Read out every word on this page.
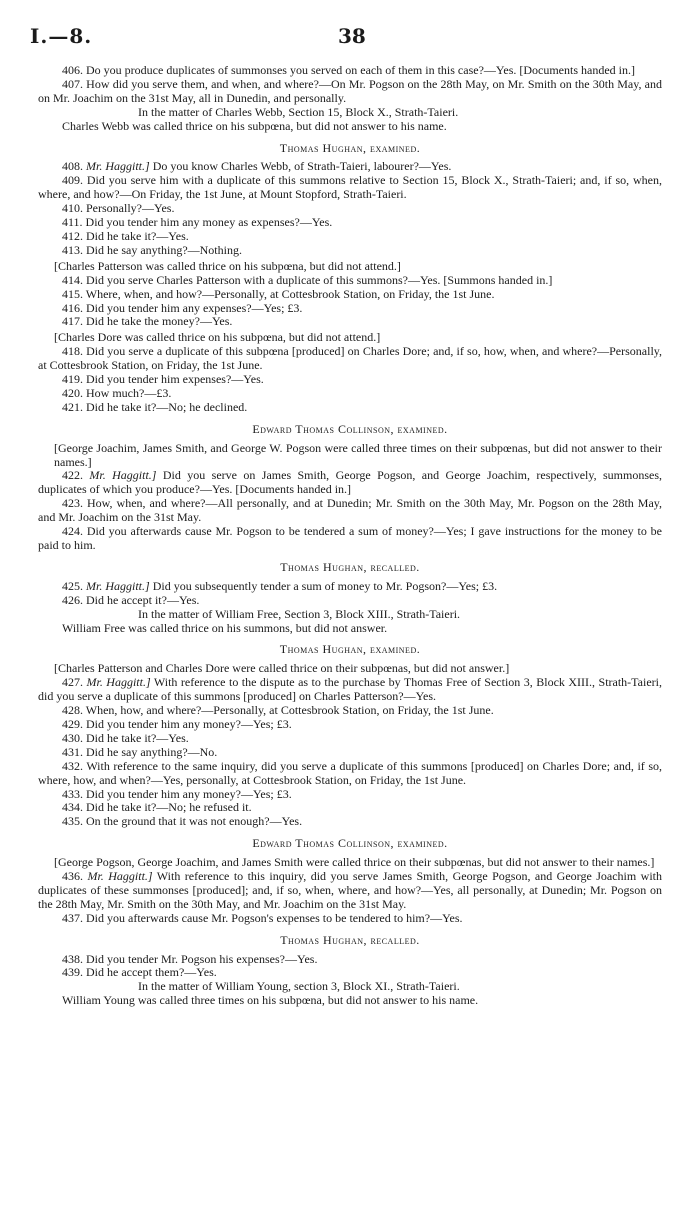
I.—8.	38

406. Do you produce duplicates of summonses you served on each of them in this case?—Yes. [Documents handed in.]

407. How did you serve them, and when, and where?—On Mr. Pogson on the 28th May, on Mr. Smith on the 30th May, and on Mr. Joachim on the 31st May, all in Dunedin, and personally.

In the matter of Charles Webb, Section 15, Block X., Strath-Taieri.

Charles Webb was called thrice on his subpœna, but did not answer to his name.

Thomas Hughan, examined.

408. Mr. Haggitt.] Do you know Charles Webb, of Strath-Taieri, labourer?—Yes.

409. Did you serve him with a duplicate of this summons relative to Section 15, Block X., Strath-Taieri; and, if so, when, where, and how?—On Friday, the 1st June, at Mount Stopford, Strath-Taieri.

410. Personally?—Yes.

411. Did you tender him any money as expenses?—Yes.

412. Did he take it?—Yes.

413. Did he say anything?—Nothing.

[Charles Patterson was called thrice on his subpœna, but did not attend.]

414. Did you serve Charles Patterson with a duplicate of this summons?—Yes. [Summons handed in.]

415. Where, when, and how?—Personally, at Cottesbrook Station, on Friday, the 1st June.

416. Did you tender him any expenses?—Yes; £3.

417. Did he take the money?—Yes.

[Charles Dore was called thrice on his subpœna, but did not attend.]

418. Did you serve a duplicate of this subpœna [produced] on Charles Dore; and, if so, how, when, and where?—Personally, at Cottesbrook Station, on Friday, the 1st June.

419. Did you tender him expenses?—Yes.

420. How much?—£3.

421. Did he take it?—No; he declined.

Edward Thomas Collinson, examined.

[George Joachim, James Smith, and George W. Pogson were called three times on their subpœnas, but did not answer to their names.]

422. Mr. Haggitt.] Did you serve on James Smith, George Pogson, and George Joachim, respectively, summonses, duplicates of which you produce?—Yes. [Documents handed in.]

423. How, when, and where?—All personally, and at Dunedin; Mr. Smith on the 30th May, Mr. Pogson on the 28th May, and Mr. Joachim on the 31st May.

424. Did you afterwards cause Mr. Pogson to be tendered a sum of money?—Yes; I gave instructions for the money to be paid to him.

Thomas Hughan, recalled.

425. Mr. Haggitt.] Did you subsequently tender a sum of money to Mr. Pogson?—Yes; £3.

426. Did he accept it?—Yes.

In the matter of William Free, Section 3, Block XIII., Strath-Taieri.

William Free was called thrice on his summons, but did not answer.

Thomas Hughan, examined.

[Charles Patterson and Charles Dore were called thrice on their subpœnas, but did not answer.]

427. Mr. Haggitt.] With reference to the dispute as to the purchase by Thomas Free of Section 3, Block XIII., Strath-Taieri, did you serve a duplicate of this summons [produced] on Charles Patterson?—Yes.

428. When, how, and where?—Personally, at Cottesbrook Station, on Friday, the 1st June.

429. Did you tender him any money?—Yes; £3.

430. Did he take it?—Yes.

431. Did he say anything?—No.

432. With reference to the same inquiry, did you serve a duplicate of this summons [produced] on Charles Dore; and, if so, where, how, and when?—Yes, personally, at Cottesbrook Station, on Friday, the 1st June.

433. Did you tender him any money?—Yes; £3.

434. Did he take it?—No; he refused it.

435. On the ground that it was not enough?—Yes.

Edward Thomas Collinson, examined.

[George Pogson, George Joachim, and James Smith were called thrice on their subpœnas, but did not answer to their names.]

436. Mr. Haggitt.] With reference to this inquiry, did you serve James Smith, George Pogson, and George Joachim with duplicates of these summonses [produced]; and, if so, when, where, and how?—Yes, all personally, at Dunedin; Mr. Pogson on the 28th May, Mr. Smith on the 30th May, and Mr. Joachim on the 31st May.

437. Did you afterwards cause Mr. Pogson's expenses to be tendered to him?—Yes.

Thomas Hughan, recalled.

438. Did you tender Mr. Pogson his expenses?—Yes.

439. Did he accept them?—Yes.

In the matter of William Young, section 3, Block XI., Strath-Taieri.

William Young was called three times on his subpœna, but did not answer to his name.
